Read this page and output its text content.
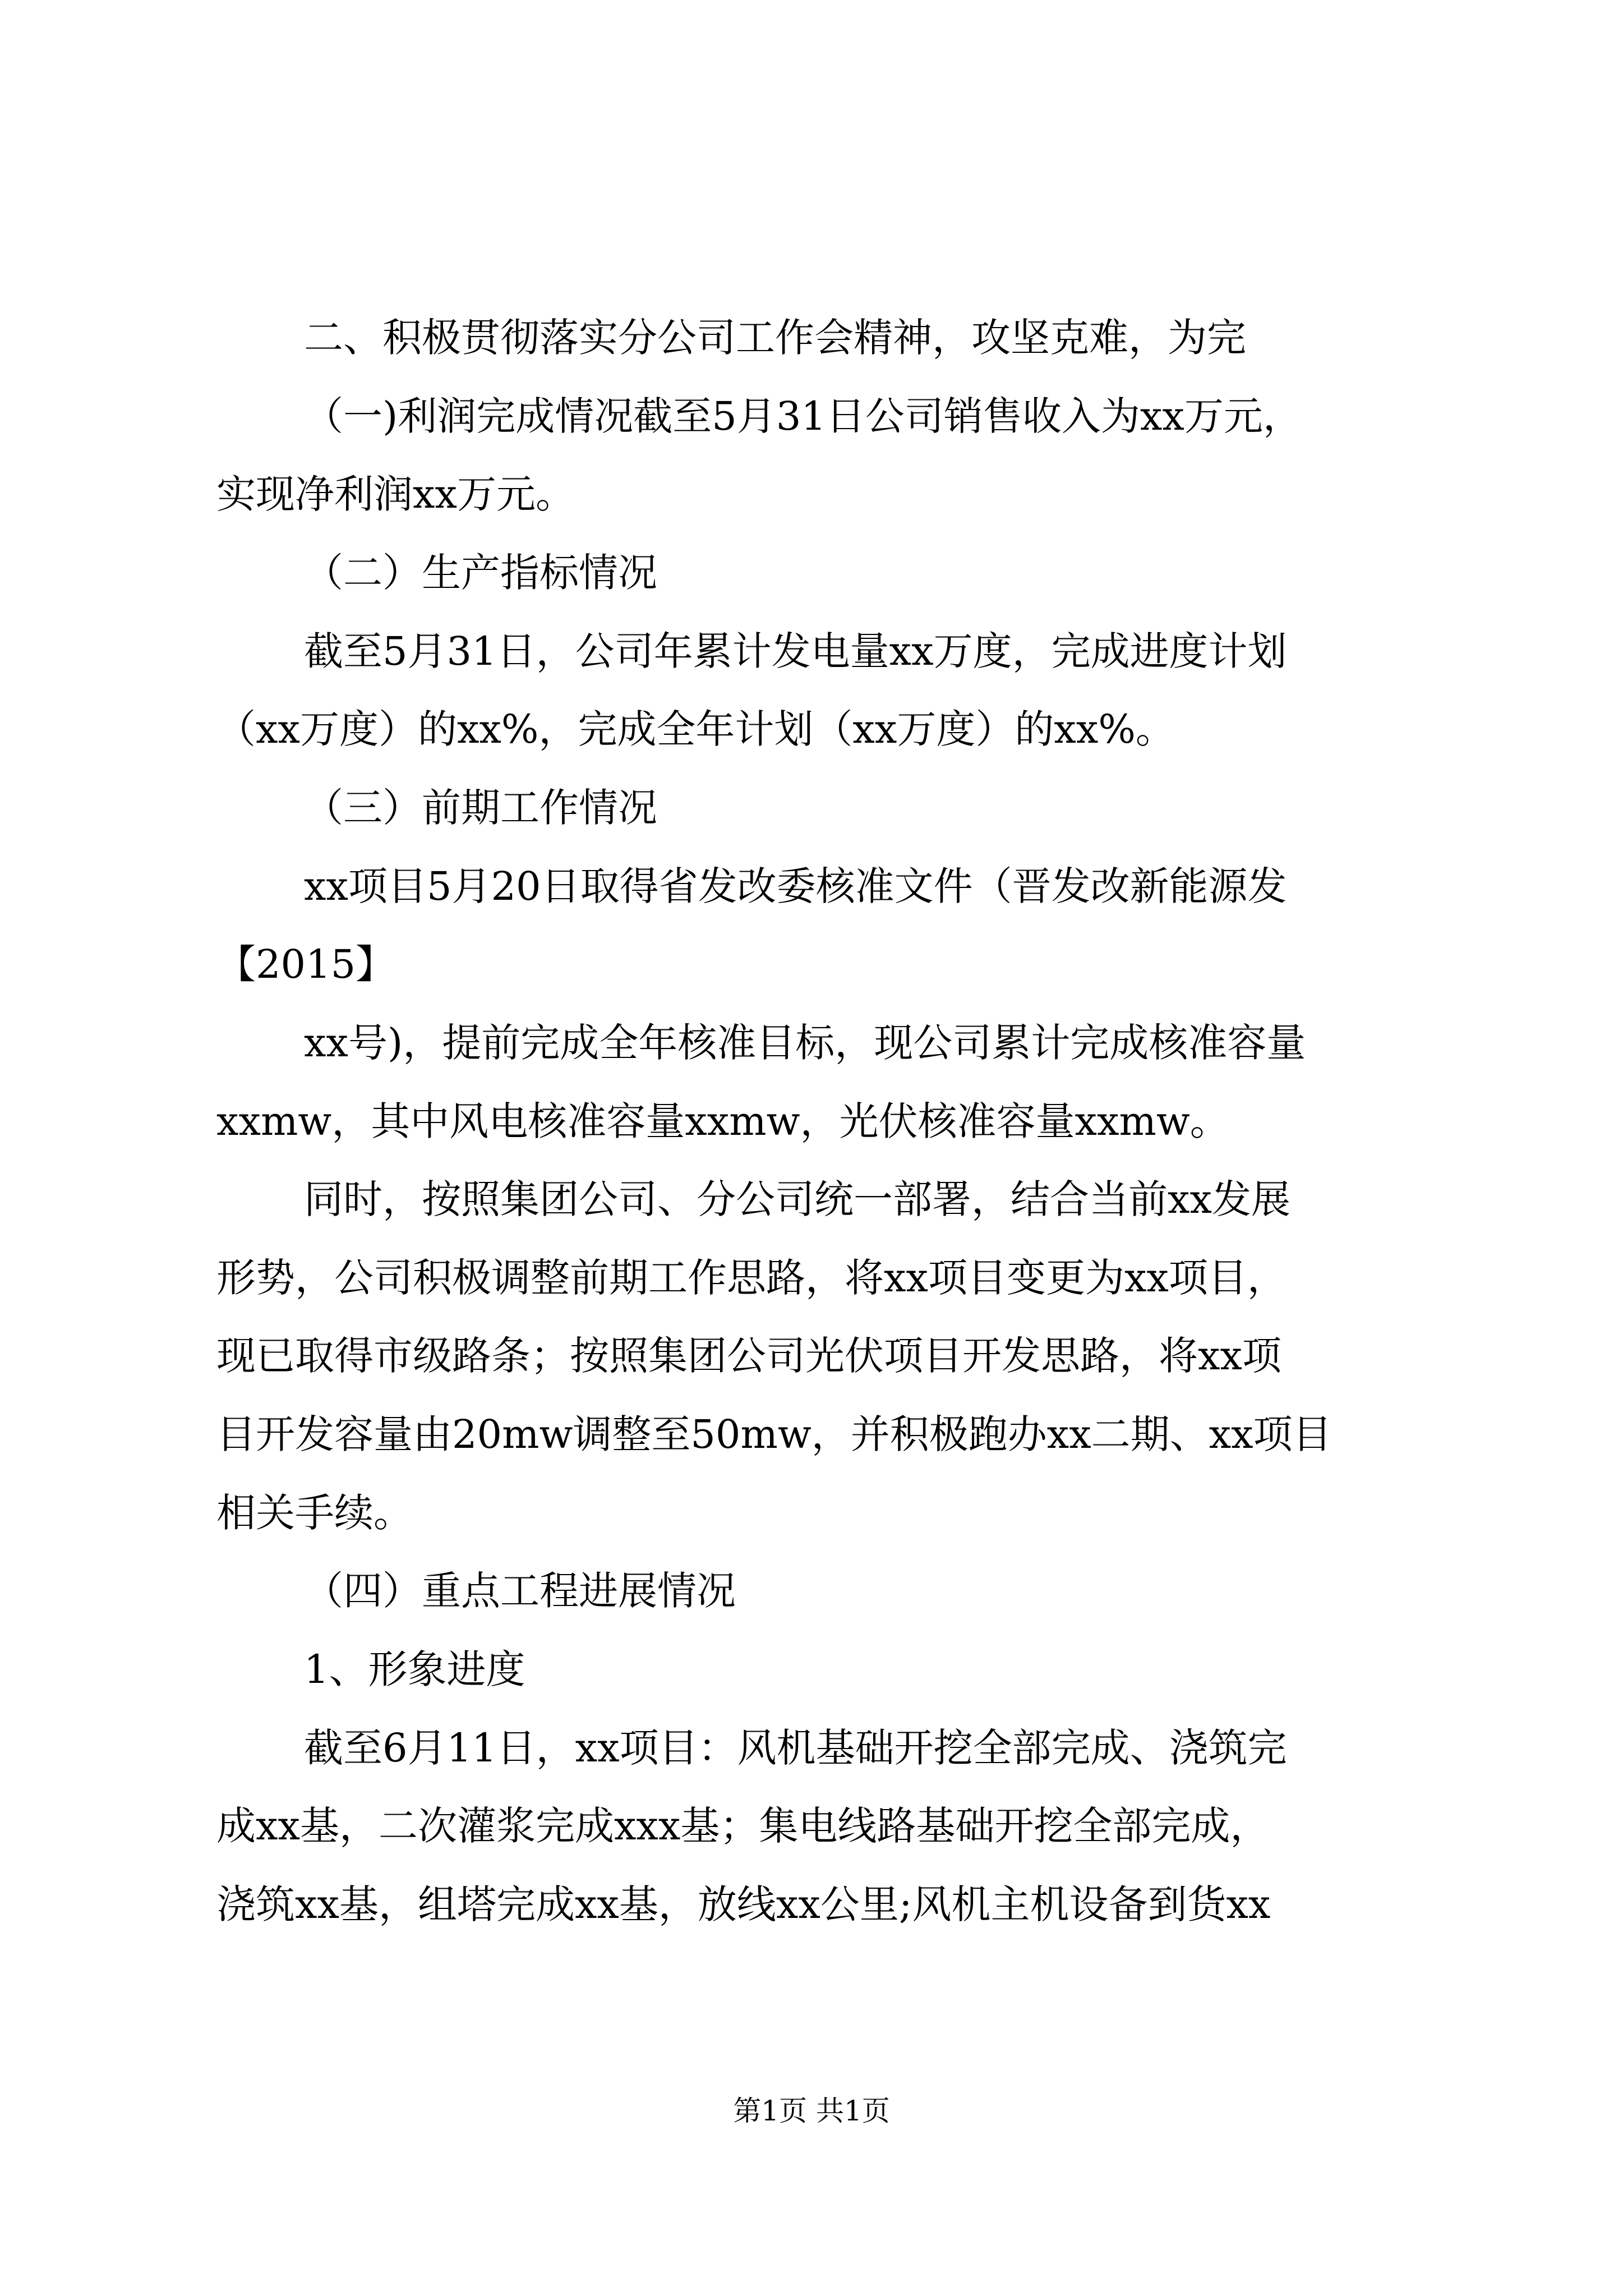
二、积极贯彻落实分公司工作会精神，攻坚克难，为完

（一)利润完成情况截至5月31日公司销售收入为xx万元，

实现净利润xx万元。

（二）生产指标情况

截至5月31日，公司年累计发电量xx万度，完成进度计划

（xx万度）的xx%，完成全年计划（xx万度）的xx%。

（三）前期工作情况

xx项目5月20日取得省发改委核准文件（晋发改新能源发

【2015】

xx号)，提前完成全年核准目标，现公司累计完成核准容量

xxmw，其中风电核准容量xxmw，光伏核准容量xxmw。

同时，按照集团公司、分公司统一部署，结合当前xx发展

形势，公司积极调整前期工作思路，将xx项目变更为xx项目，

现已取得市级路条；按照集团公司光伏项目开发思路，将xx项

目开发容量由20mw调整至50mw，并积极跑办xx二期、xx项目

相关手续。

（四）重点工程进展情况

1、形象进度

截至6月11日，xx项目：风机基础开挖全部完成、浇筑完

成xx基，二次灌浆完成xxx基；集电线路基础开挖全部完成，

浇筑xx基，组塔完成xx基，放线xx公里;风机主机设备到货xx

第1页 共1页
